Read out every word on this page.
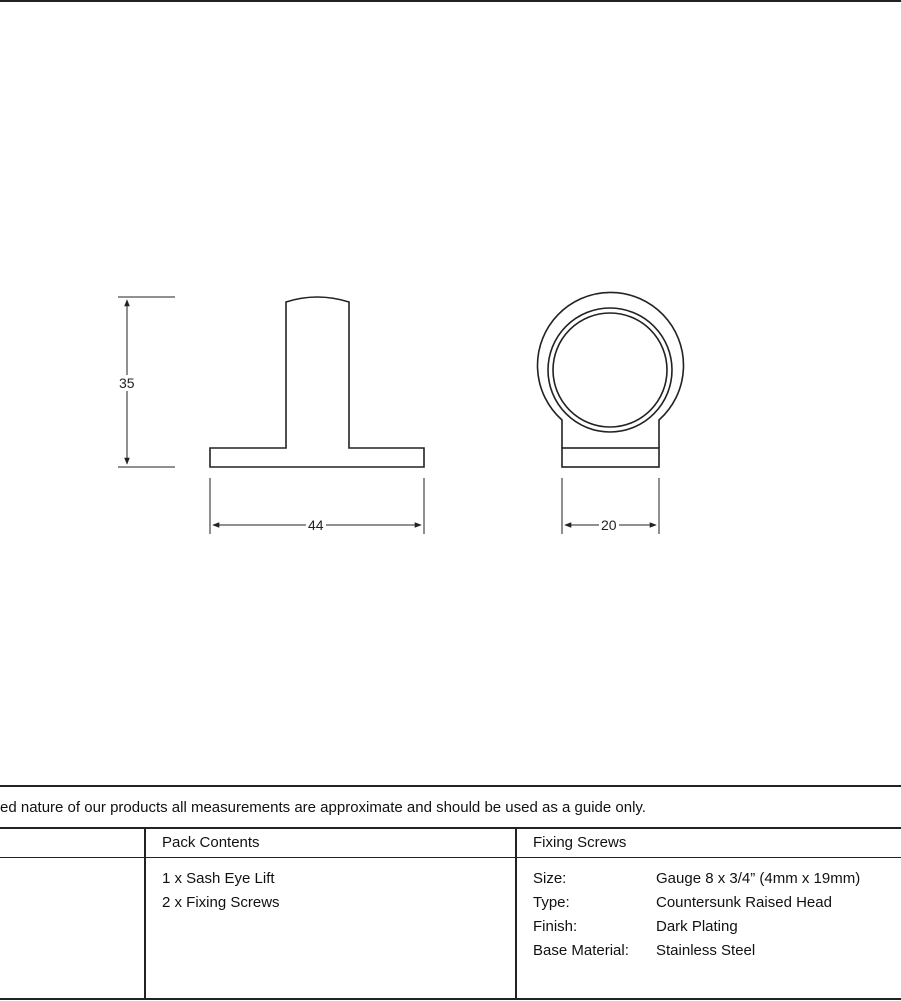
35
44	20
ed nature of our products all measurements are approximate and should be used as a guide only.
Pack Contents
1 x Sash Eye Lift
2 x Fixing Screws
Fixing Screws
Size:	Gauge 8 x 3/4” (4mm x 19mm)
Type:	Countersunk Raised Head
Finish:	Dark Plating
Base Material: Stainless Steel
